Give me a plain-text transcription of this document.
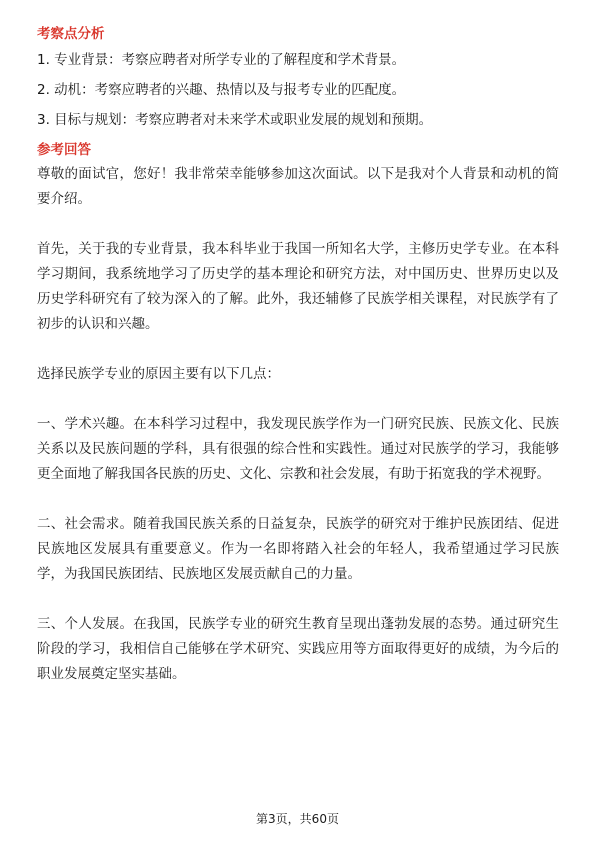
考察点分析
1. 专业背景：考察应聘者对所学专业的了解程度和学术背景。
2. 动机：考察应聘者的兴趣、热情以及与报考专业的匹配度。
3. 目标与规划：考察应聘者对未来学术或职业发展的规划和预期。
参考回答
尊敬的面试官，您好！我非常荣幸能够参加这次面试。以下是我对个人背景和动机的简要介绍。
首先，关于我的专业背景，我本科毕业于我国一所知名大学，主修历史学专业。在本科学习期间，我系统地学习了历史学的基本理论和研究方法，对中国历史、世界历史以及历史学科研究有了较为深入的了解。此外，我还辅修了民族学相关课程，对民族学有了初步的认识和兴趣。
选择民族学专业的原因主要有以下几点：
一、学术兴趣。在本科学习过程中，我发现民族学作为一门研究民族、民族文化、民族关系以及民族问题的学科，具有很强的综合性和实践性。通过对民族学的学习，我能够更全面地了解我国各民族的历史、文化、宗教和社会发展，有助于拓宽我的学术视野。
二、社会需求。随着我国民族关系的日益复杂，民族学的研究对于维护民族团结、促进民族地区发展具有重要意义。作为一名即将踏入社会的年轻人，我希望通过学习民族学，为我国民族团结、民族地区发展贡献自己的力量。
三、个人发展。在我国，民族学专业的研究生教育呈现出蓬勃发展的态势。通过研究生阶段的学习，我相信自己能够在学术研究、实践应用等方面取得更好的成绩，为今后的职业发展奠定坚实基础。
第3页，共60页
